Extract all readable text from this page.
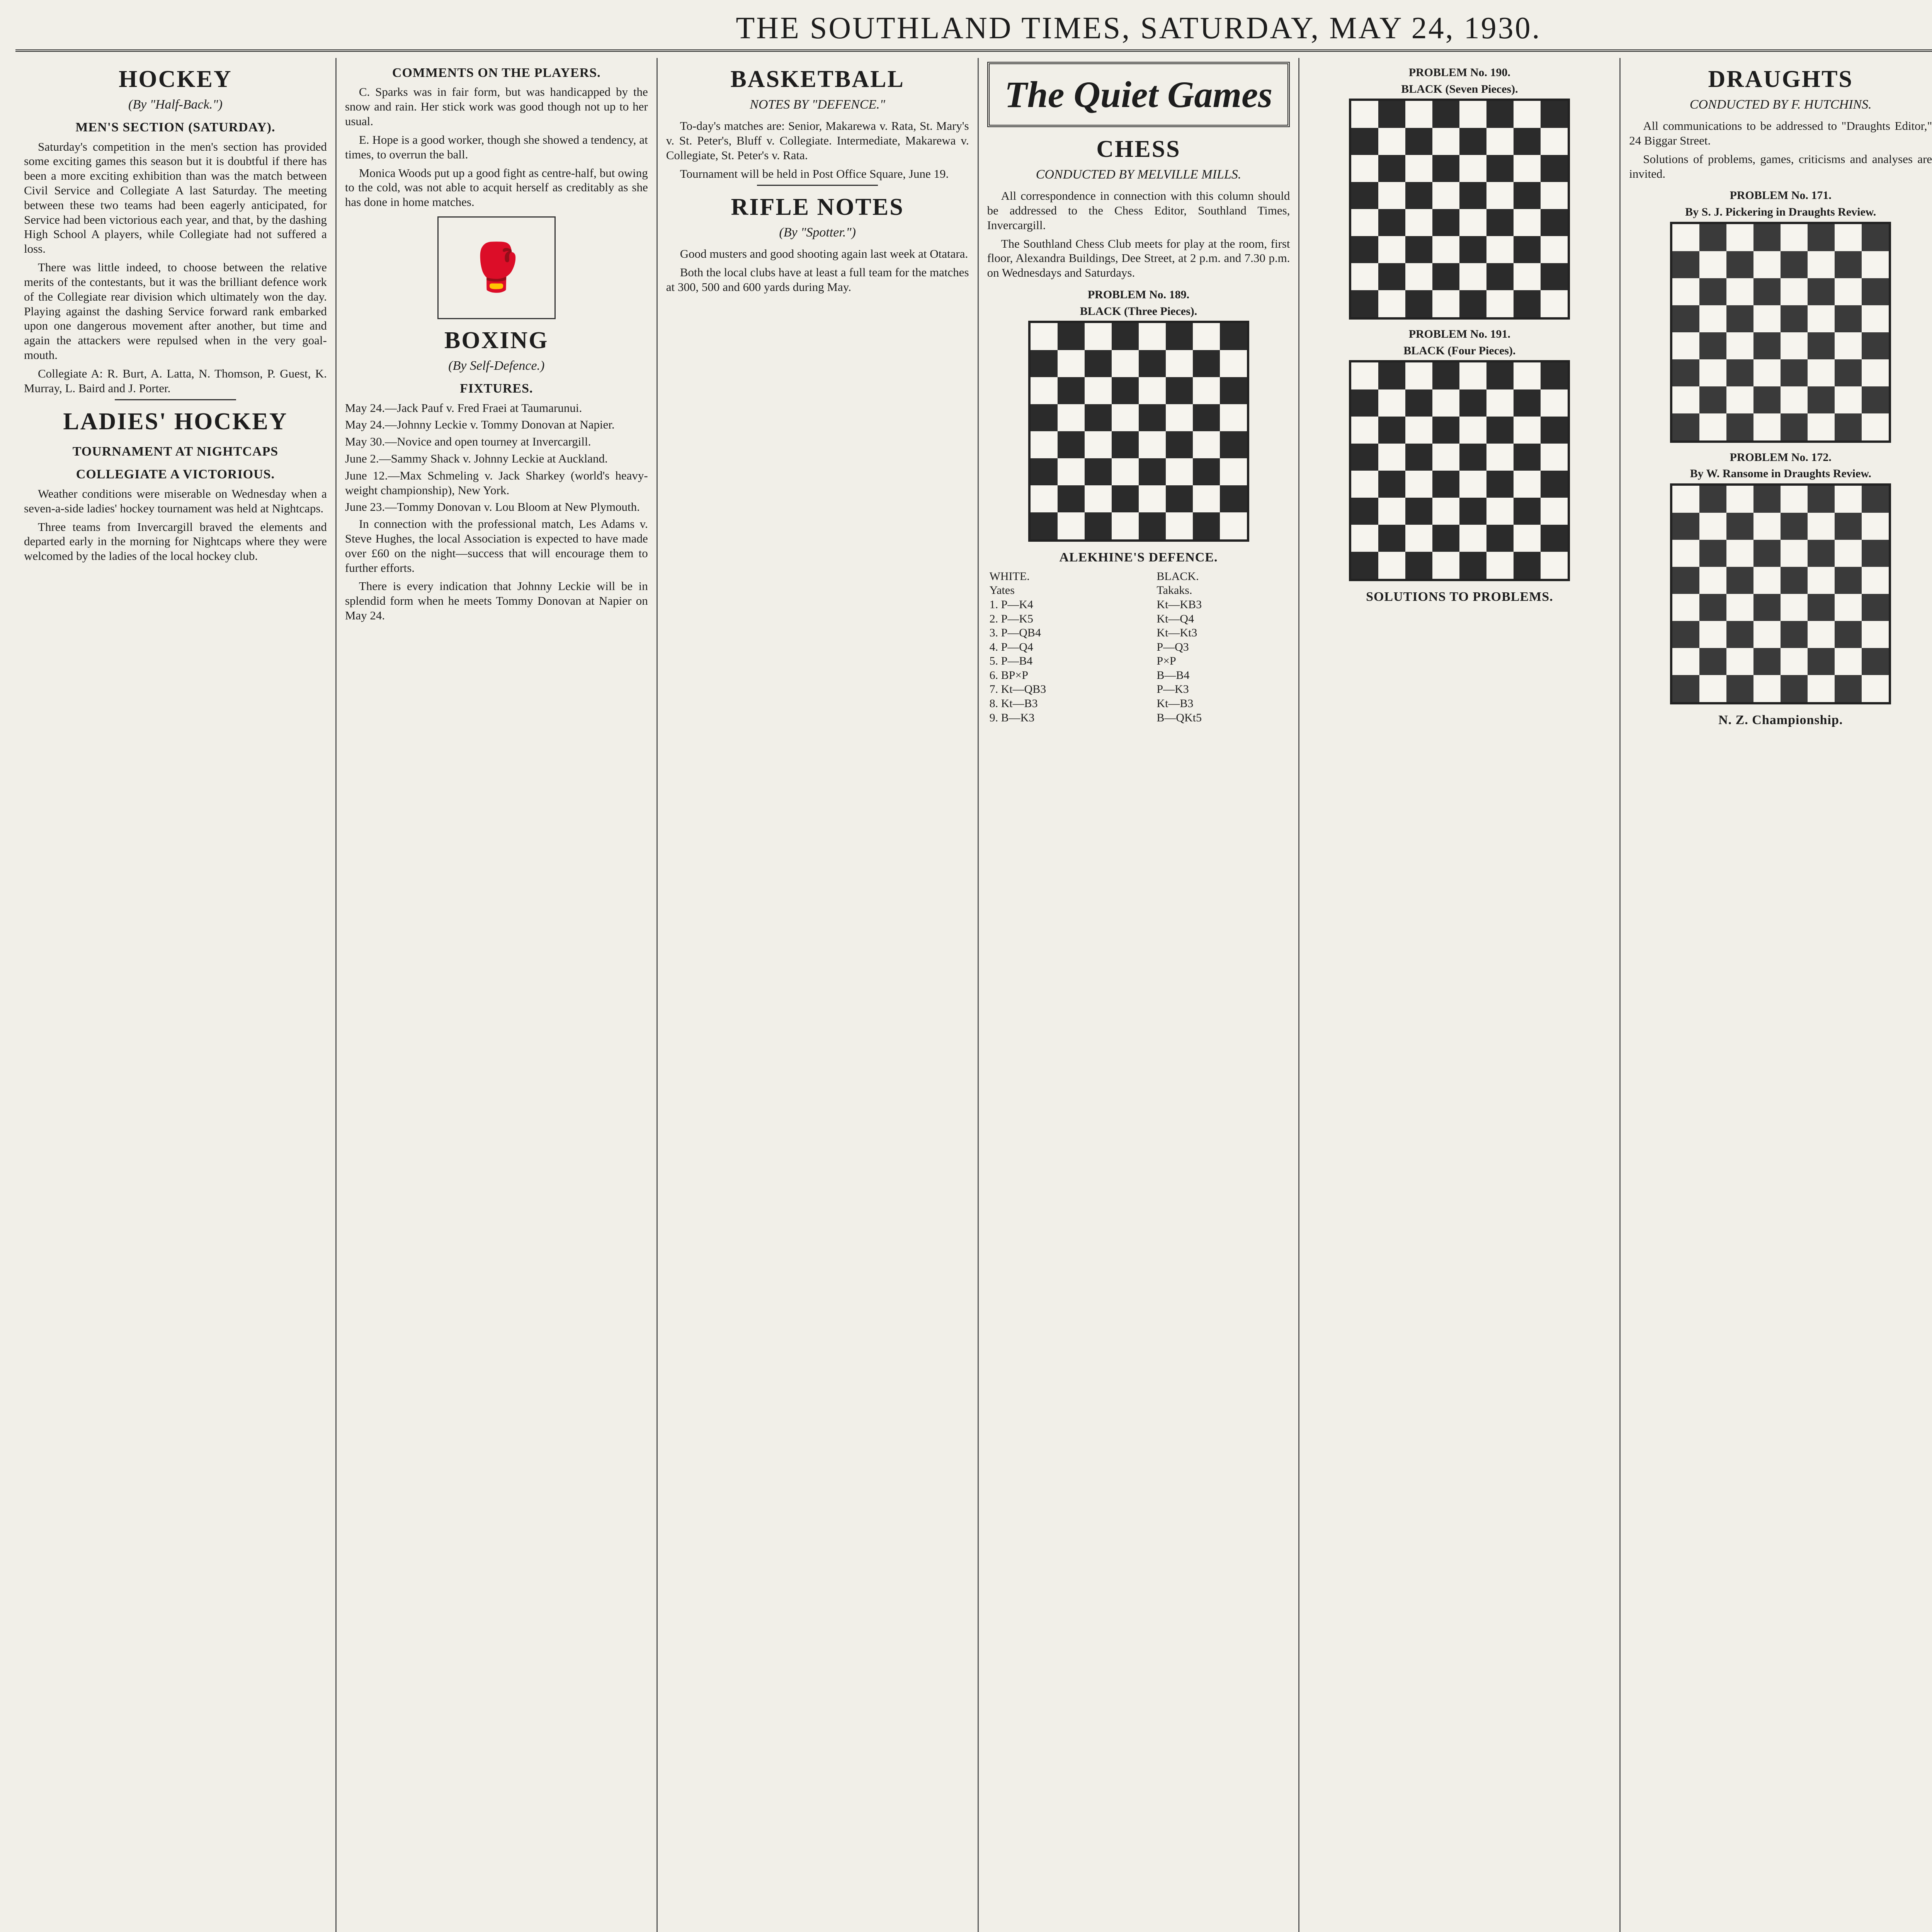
THE SOUTHLAND TIMES, SATURDAY, MAY 24, 1930.
HOCKEY
(By "Half-Back.")
MEN'S SECTION (SATURDAY).

Saturday's competition in the men's section has provided some exciting games this season but it is doubtful if there has been a more exciting exhibition than was the match between Civil Service and Collegiate A last Saturday. The meeting between these two teams had been eagerly anticipated, for Service had been victorious each year, and that, by the dashing High School A players, while Collegiate had not suffered a loss.

There was little indeed, to choose between the relative merits of the contestants, but it was the brilliant defence work of the Collegiate rear division which ultimately won the day. Playing against the dashing Service forward rank embarked upon one dangerous movement after another, but time and again the attackers were repulsed when in the very goal-mouth.

Collegiate A: R. Burt, A. Latta, N. Thomson, P. Guest, K. Murray, L. Baird and J. Porter.

LADIES' HOCKEY
TOURNAMENT AT NIGHTCAPS
COLLEGIATE A VICTORIOUS.

Weather conditions were miserable on Wednesday when a seven-a-side ladies' hockey tournament was held at Nightcaps.

Three teams from Invercargill braved the elements and departed early in the morning for Nightcaps where they were welcomed by the ladies of the local hockey club.

COMMENTS ON THE PLAYERS.

C. Sparks was in fair form, but was handicapped by the snow and rain. Her stick work was good though not up to her usual.

E. Hope is a good worker, though she showed a tendency, at times, to overrun the ball.

Monica Woods put up a good fight as centre-half, but owing to the cold, was not able to acquit herself as creditably as she has done in home matches.

🥊
BOXING
(By Self-Defence.)
FIXTURES.

May 24.—Jack Pauf v. Fred Fraei at Taumarunui.

May 24.—Johnny Leckie v. Tommy Donovan at Napier.

May 30.—Novice and open tourney at Invercargill.

June 2.—Sammy Shack v. Johnny Leckie at Auckland.

June 12.—Max Schmeling v. Jack Sharkey (world's heavy-weight championship), New York.

June 23.—Tommy Donovan v. Lou Bloom at New Plymouth.

In connection with the professional match, Les Adams v. Steve Hughes, the local Association is expected to have made over £60 on the night—success that will encourage them to further efforts.

There is every indication that Johnny Leckie will be in splendid form when he meets Tommy Donovan at Napier on May 24.

BASKETBALL
NOTES BY "DEFENCE."

To-day's matches are: Senior, Makarewa v. Rata, St. Mary's v. St. Peter's, Bluff v. Collegiate. Intermediate, Makarewa v. Collegiate, St. Peter's v. Rata.

Tournament will be held in Post Office Square, June 19.

RIFLE NOTES
(By "Spotter.")

Good musters and good shooting again last week at Otatara.

Both the local clubs have at least a full team for the matches at 300, 500 and 600 yards during May.

The Quiet Games
CHESS
CONDUCTED BY MELVILLE MILLS.

All correspondence in connection with this column should be addressed to the Chess Editor, Southland Times, Invercargill.

The Southland Chess Club meets for play at the room, first floor, Alexandra Buildings, Dee Street, at 2 p.m. and 7.30 p.m. on Wednesdays and Saturdays.

PROBLEM No. 189.
BLACK (Three Pieces).
ALEKHINE'S DEFENCE.
WHITE.	BLACK.
Yates	Takaks.
1. P—K4	Kt—KB3
2. P—K5	Kt—Q4
3. P—QB4	Kt—Kt3
4. P—Q4	P—Q3
5. P—B4	P×P
6. BP×P	B—B4
7. Kt—QB3	P—K3
8. Kt—B3	Kt—B3
9. B—K3	B—QKt5
PROBLEM No. 190.
BLACK (Seven Pieces).
PROBLEM No. 191.
BLACK (Four Pieces).
SOLUTIONS TO PROBLEMS.
DRAUGHTS
CONDUCTED BY F. HUTCHINS.

All communications to be addressed to "Draughts Editor," 24 Biggar Street.

Solutions of problems, games, criticisms and analyses are invited.

PROBLEM No. 171.
By S. J. Pickering in Draughts Review.
PROBLEM No. 172.
By W. Ransome in Draughts Review.
N. Z. Championship.
